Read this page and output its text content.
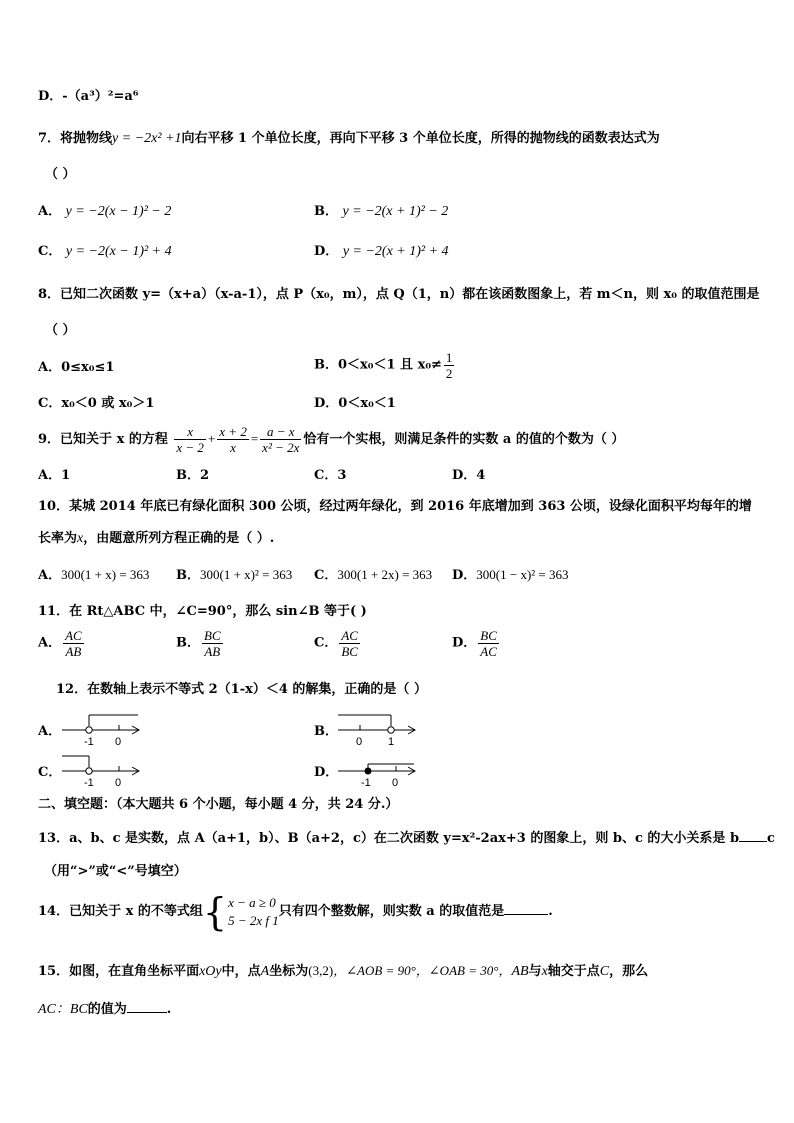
D．-（a³）²=a⁶
7．将抛物线y = −2x² +1向右平移 1 个单位长度，再向下平移 3 个单位长度，所得的抛物线的函数表达式为
（ ）
A． y = −2(x − 1)² − 2	B． y = −2(x + 1)² − 2
C． y = −2(x − 1)² + 4	D． y = −2(x + 1)² + 4
8．已知二次函数 y=（x+a）（x-a-1），点 P（x₀，m），点 Q（1，n）都在该函数图象上，若 m＜n，则 x₀ 的取值范围是
（ ）
A．0≤x₀≤1	B．0＜x₀＜1 且 $x_0\ne \frac{1}{2}$
C．x₀＜0 或 x₀＞1	D．0＜x₀＜1
9．已知关于 x 的方程 $\frac{x}{x - 2} + \frac{x + 2}{x} = \frac{a - x}{\text{x² − 2x}}$ 恰有一个实根，则满足条件的实数 a 的值的个数为（ ）
A．1	B．2	C．3	D．4
10．某城 2014 年底已有绿化面积 300 公顷，经过两年绿化，到 2016 年底增加到 363 公顷，设绿化面积平均每年的增
长率为x，由题意所列方程正确的是（ ）.
A．300(1 + x) = 363 B．300(1 + x)² = 363 C．300(1 + 2x) = 363 D．300(1 − x)² = 363
11．在 Rt△ABC 中，∠C=90°，那么 sin∠B 等于( )
A． $\frac{AC}{AB}$	B． $\frac{BC}{AB}$	C． $\frac{AC}{BC}$	D． $\frac{BC}{AC}$
12．在数轴上表示不等式 2（1-x）＜4 的解集，正确的是（ ）
A．
-1 0
B．
0 1
C．
-1 0
D．
-1 0
二、填空题：（本大题共 6 个小题，每小题 4 分，共 24 分.）
13．a、b、c 是实数，点 A（a+1，b）、B（a+2，c）在二次函数 y=x²-2ax+3 的图象上，则 b、c 的大小关系是 b c
（用“>”或“<”号填空）
14．已知关于 x 的不等式组{ x − a ≥ 0
5 − 2x f 1
只有四个整数解，则实数 a 的取值范是	.
15．如图，在直角坐标平面xOy中，点A坐标为(3,2)，∠AOB = 90°，∠OAB = 30°，AB与x轴交于点C，那么
AC：BC的值为	.
